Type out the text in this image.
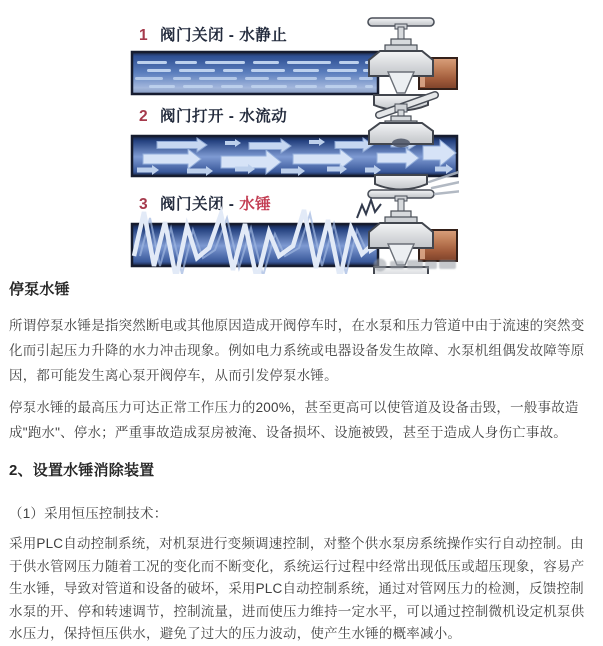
1 阀门关闭 - 水静止
2 阀门打开 - 水流动
3 阀门关闭 - 水锤
停泵水锤

所谓停泵水锤是指突然断电或其他原因造成开阀停车时，在水泵和压力管道中由于流速的突然变化而引起压力升降的水力冲击现象。例如电力系统或电器设备发生故障、水泵机组偶发故障等原因，都可能发生离心泵开阀停车，从而引发停泵水锤。

停泵水锤的最高压力可达正常工作压力的200%，甚至更高可以使管道及设备击毁，一般事故造成"跑水"、停水；严重事故造成泵房被淹、设备损坏、设施被毁，甚至于造成人身伤亡事故。

2、设置水锤消除装置

（1）采用恒压控制技术：

采用PLC自动控制系统，对机泵进行变频调速控制，对整个供水泵房系统操作实行自动控制。由于供水管网压力随着工况的变化而不断变化，系统运行过程中经常出现低压或超压现象，容易产生水锤，导致对管道和设备的破坏，采用PLC自动控制系统，通过对管网压力的检测，反馈控制水泵的开、停和转速调节，控制流量，进而使压力维持一定水平，可以通过控制微机设定机泵供水压力，保持恒压供水，避免了过大的压力波动，使产生水锤的概率减小。
